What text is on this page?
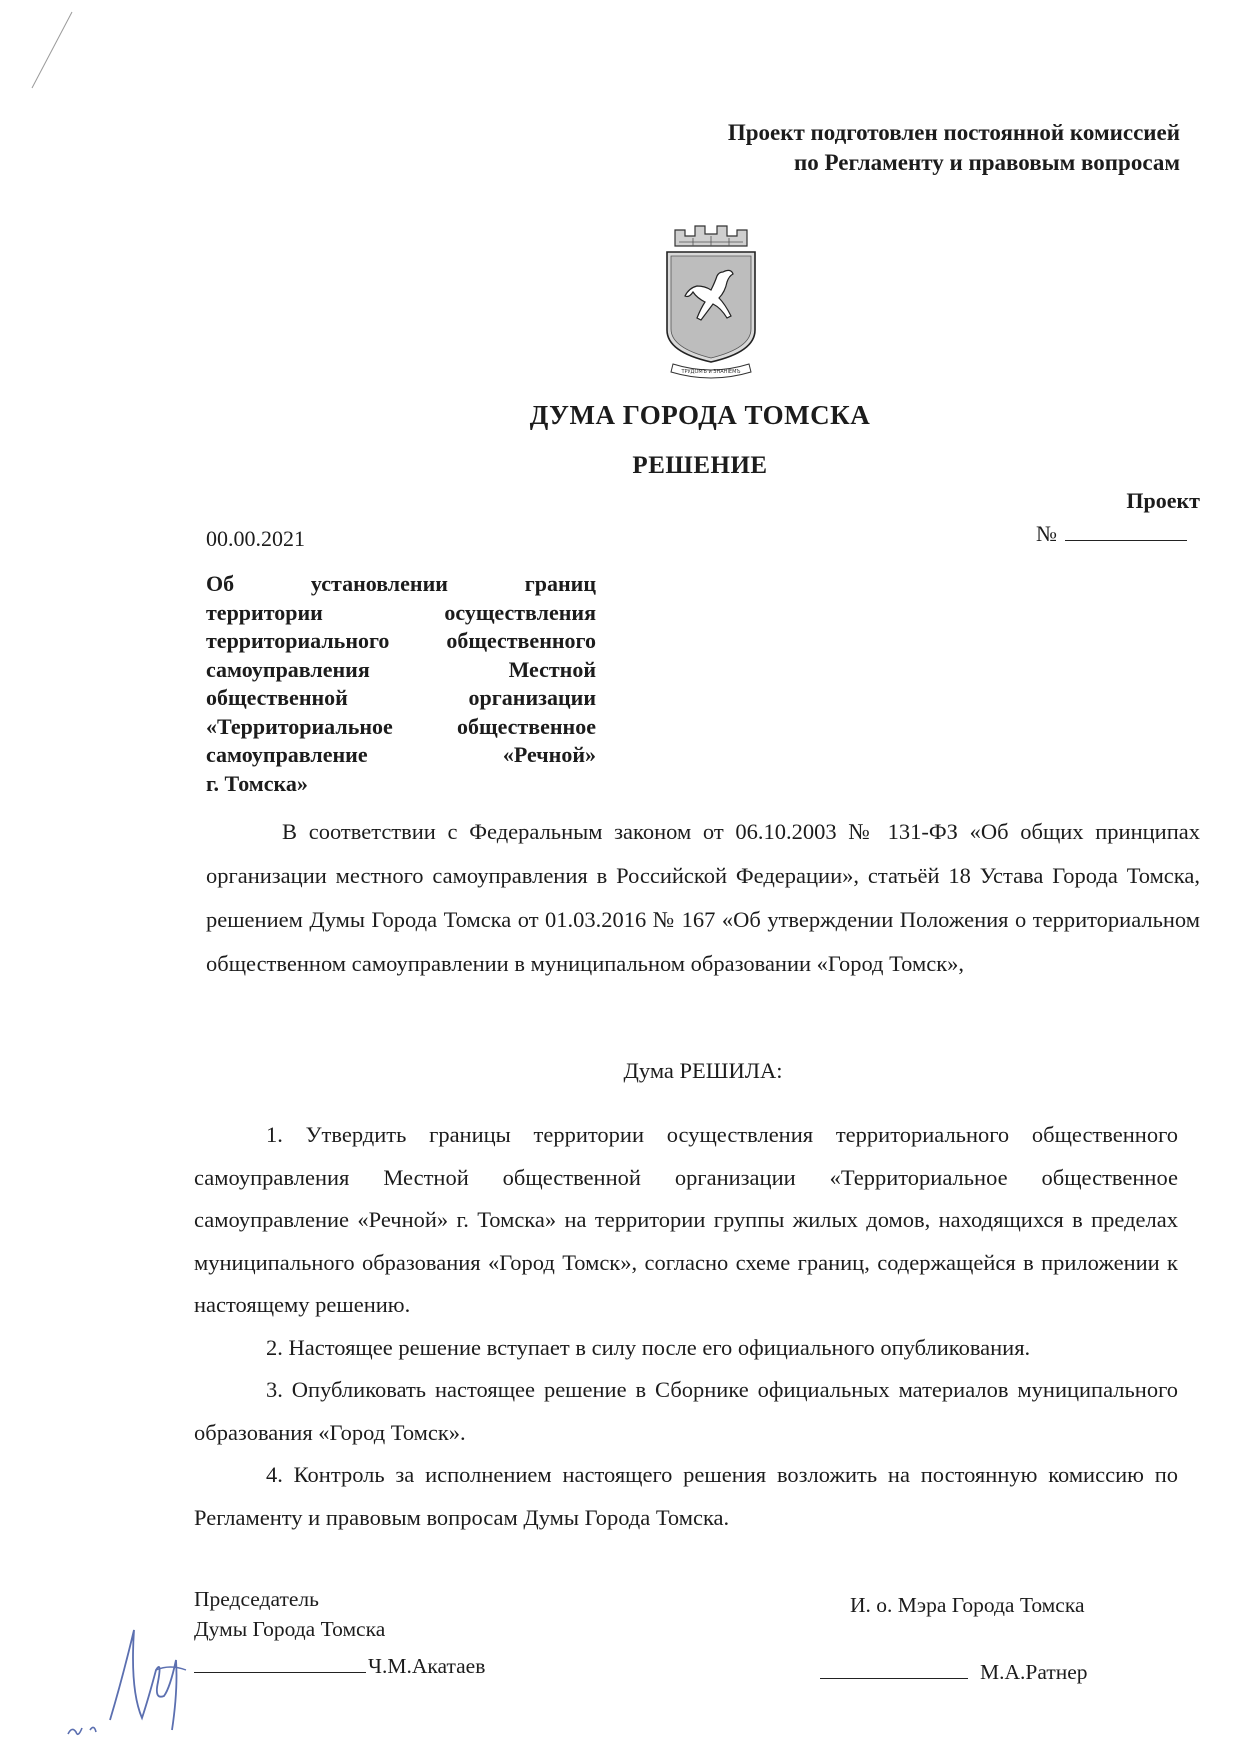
Проект подготовлен постоянной комиссией
по Регламенту и правовым вопросам
ТРУДОМЪ и ЗНАНIЕМЪ
ДУМА ГОРОДА ТОМСКА
РЕШЕНИЕ
Проект
№
00.00.2021
Об установлении границ
территории осуществления
территориального общественного
самоуправления Местной
общественной организации
«Территориальное общественное
самоуправление «Речной»
г. Томска»
В соответствии с Федеральным законом от 06.10.2003 № 131-ФЗ «Об общих принципах организации местного самоуправления в Российской Федерации», статьёй 18 Устава Города Томска, решением Думы Города Томска от 01.03.2016 № 167 «Об утверждении Положения о территориальном общественном самоуправлении в муниципальном образовании «Город Томск»,
Дума РЕШИЛА:

1. Утвердить границы территории осуществления территориального общественного самоуправления Местной общественной организации «Территориальное общественное самоуправление «Речной» г. Томска» на территории группы жилых домов, находящихся в пределах муниципального образования «Город Томск», согласно схеме границ, содержащейся в приложении к настоящему решению.

2. Настоящее решение вступает в силу после его официального опубликования.

3. Опубликовать настоящее решение в Сборнике официальных материалов муниципального образования «Город Томск».

4. Контроль за исполнением настоящего решения возложить на постоянную комиссию по Регламенту и правовым вопросам Думы Города Томска.

Председатель
Думы Города Томска
Ч.М.Акатаев
И. о. Мэра Города Томска
М.А.Ратнер
